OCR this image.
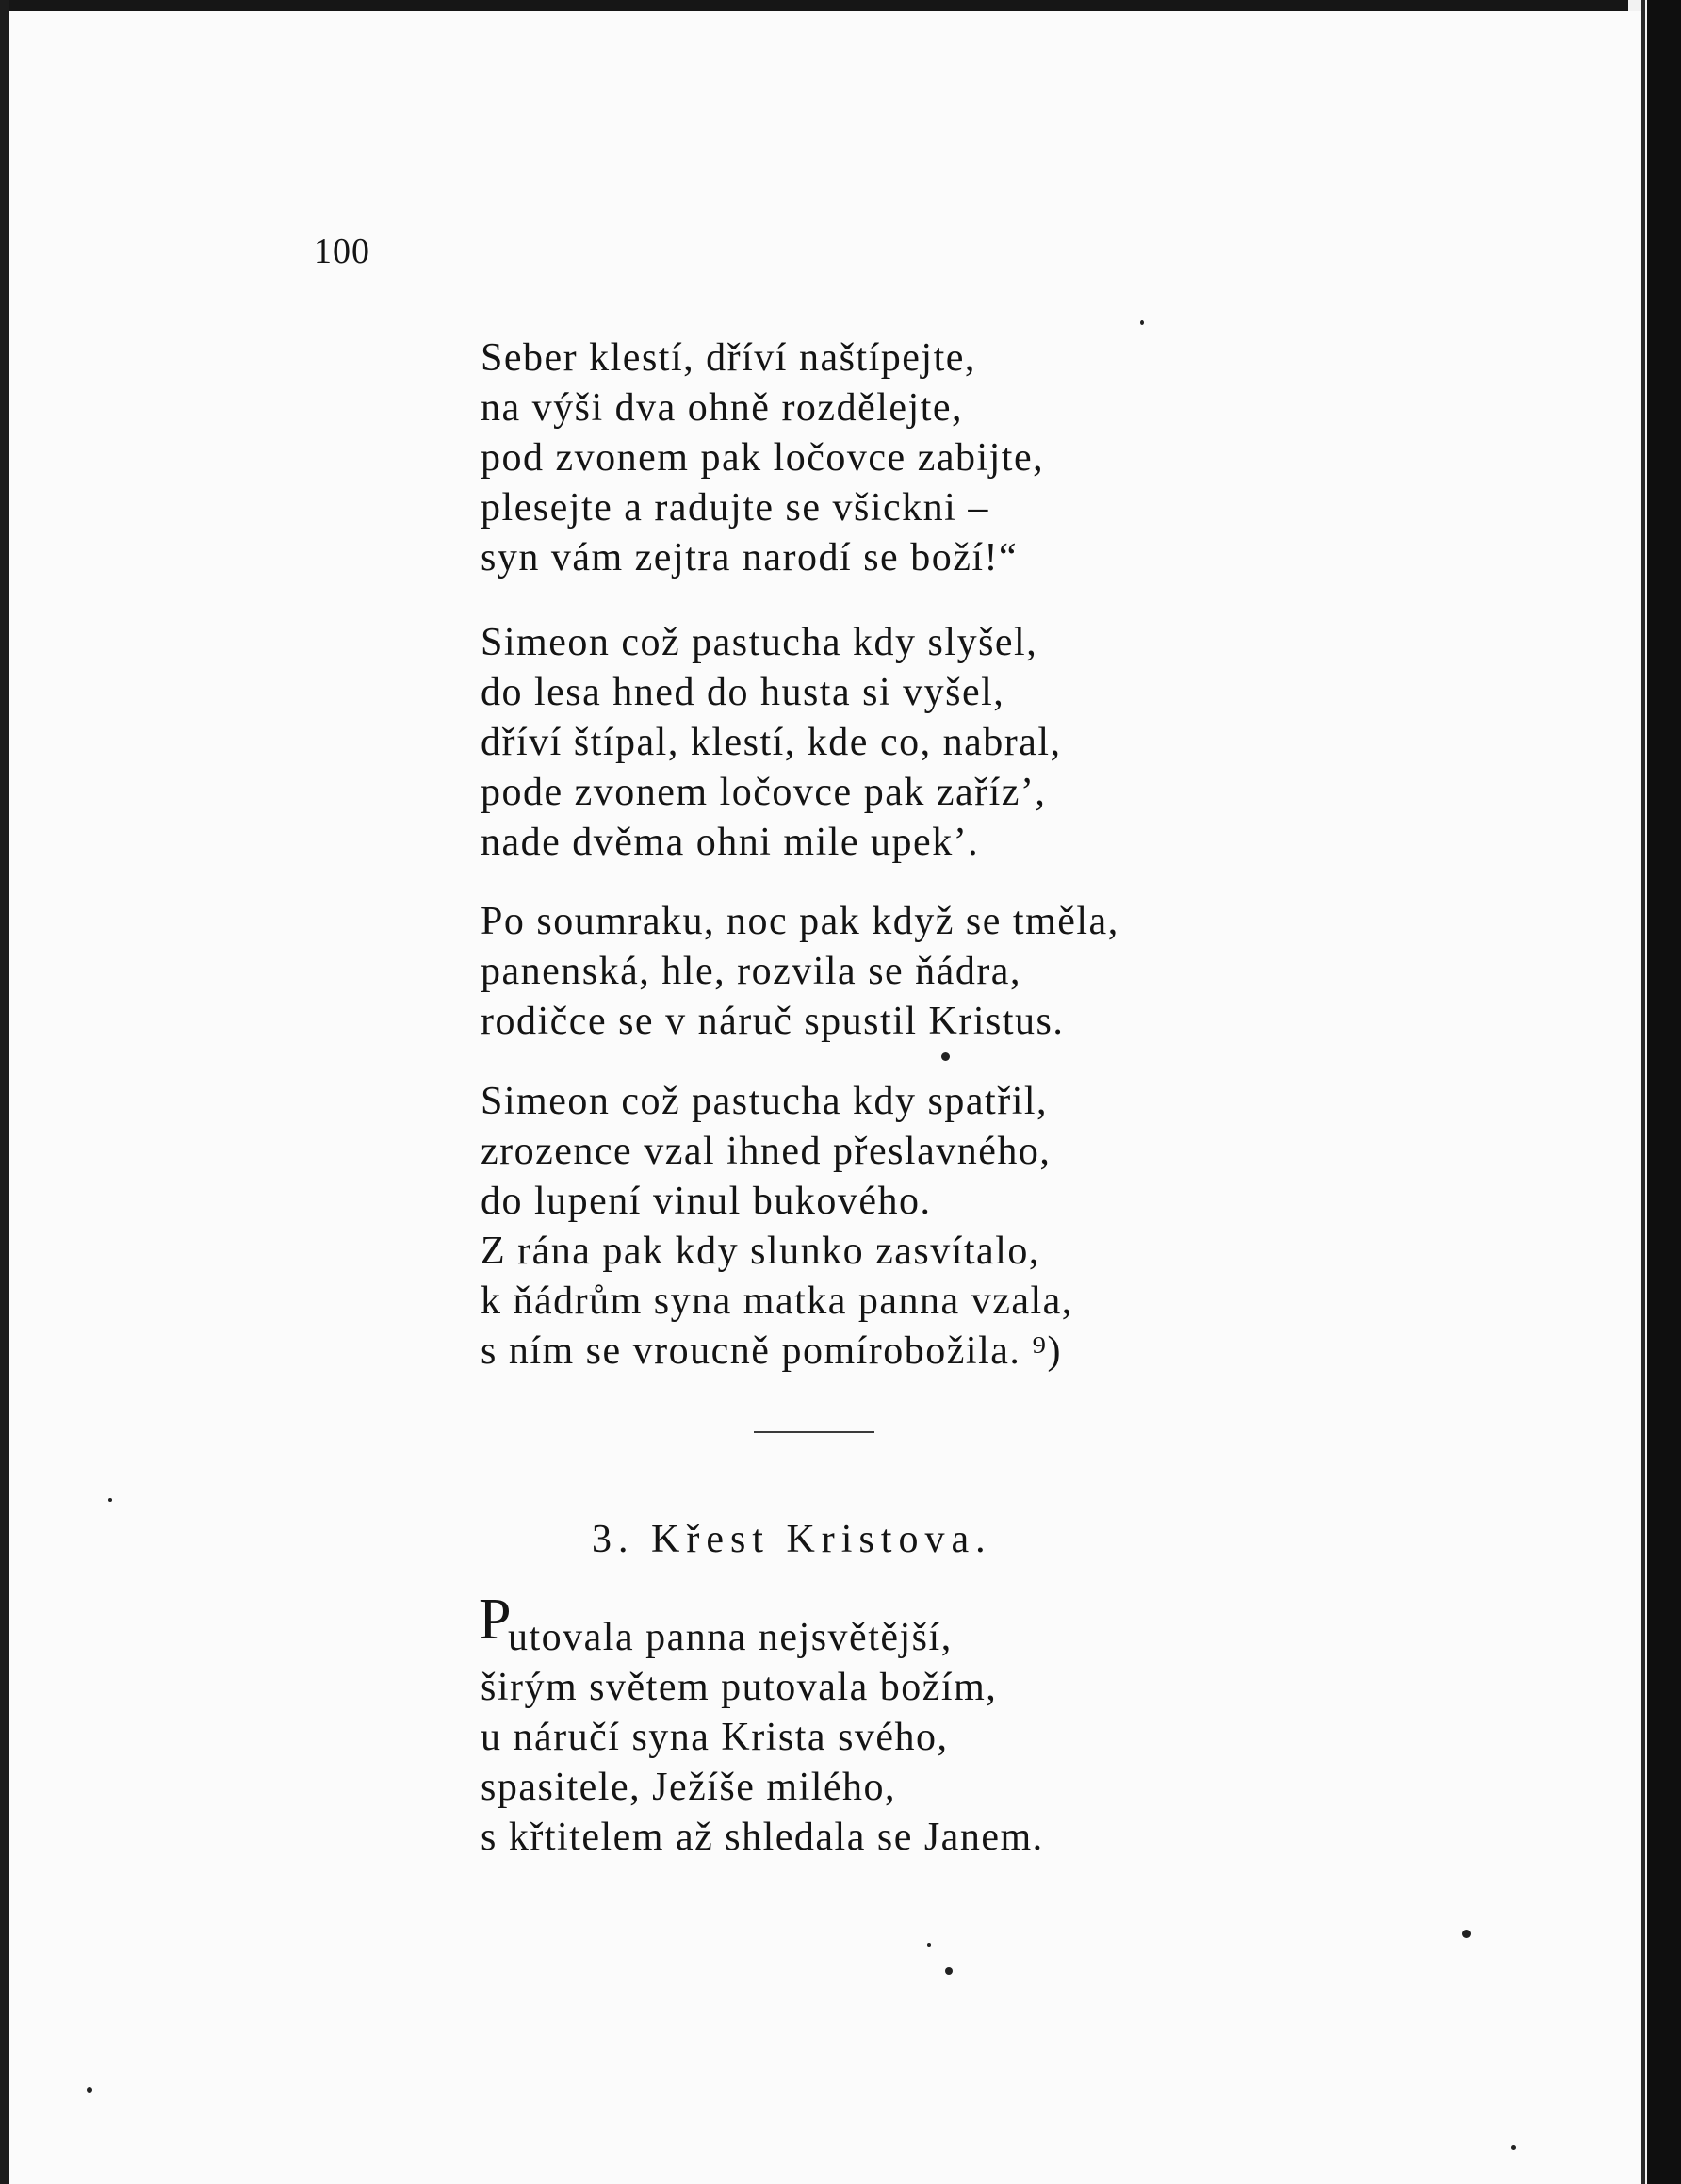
100
Seber klestí, dříví naštípejte,
na výši dva ohně rozdělejte,
pod zvonem pak ločovce zabijte,
plesejte a radujte se všickni –
syn vám zejtra narodí se boží!“
Simeon což pastucha kdy slyšel,
do lesa hned do husta si vyšel,
dříví štípal, klestí, kde co, nabral,
pode zvonem ločovce pak zaříz’,
nade dvěma ohni mile upek’.
Po soumraku, noc pak když se tměla,
panenská, hle, rozvila se ňádra,
rodičce se v náruč spustil Kristus.
Simeon což pastucha kdy spatřil,
zrozence vzal ihned přeslavného,
do lupení vinul bukového.
Z rána pak kdy slunko zasvítalo,
k ňádrům syna matka panna vzala,
s ním se vroucně pomírobožila. ⁹)
3. Křest Kristova.
P
utovala panna nejsvětější,
širým světem putovala božím,
u náručí syna Krista svého,
spasitele, Ježíše milého,
s křtitelem až shledala se Janem.
